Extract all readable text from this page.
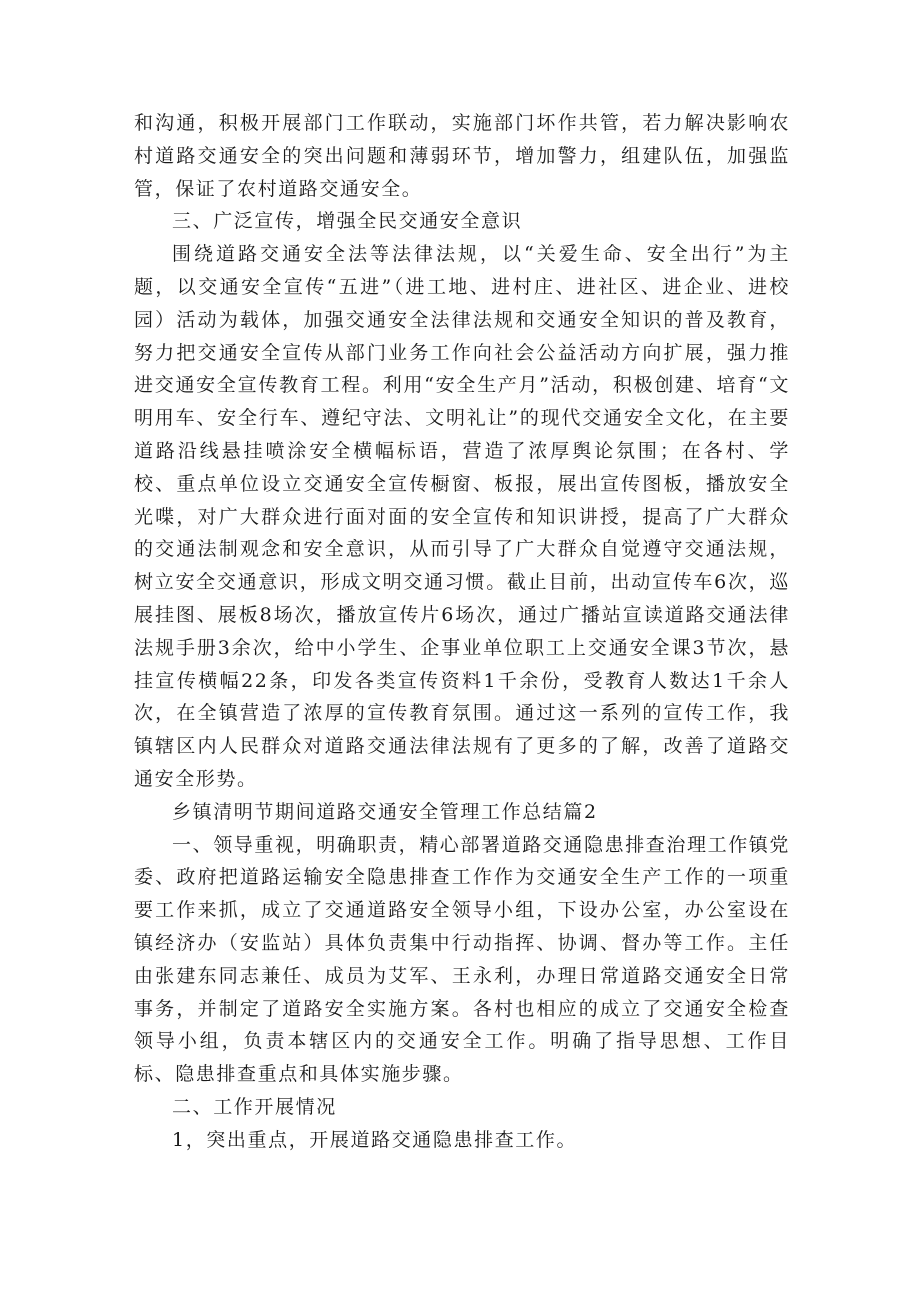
和沟通，积极开展部门工作联动，实施部门坏作共管，若力解决影响农村道路交通安全的突出问题和薄弱环节，增加警力，组建队伍，加强监管，保证了农村道路交通安全。

三、广泛宣传，增强全民交通安全意识

围绕道路交通安全法等法律法规，以“关爱生命、安全出行”为主题，以交通安全宣传“五进”（进工地、进村庄、进社区、进企业、进校园）活动为载体，加强交通安全法律法规和交通安全知识的普及教育，努力把交通安全宣传从部门业务工作向社会公益活动方向扩展，强力推进交通安全宣传教育工程。利用“安全生产月”活动，积极创建、培育“文明用车、安全行车、遵纪守法、文明礼让”的现代交通安全文化，在主要道路沿线悬挂喷涂安全横幅标语，营造了浓厚舆论氛围；在各村、学校、重点单位设立交通安全宣传橱窗、板报，展出宣传图板，播放安全光喋，对广大群众进行面对面的安全宣传和知识讲授，提高了广大群众的交通法制观念和安全意识，从而引导了广大群众自觉遵守交通法规，树立安全交通意识，形成文明交通习惯。截止目前，出动宣传车6次，巡展挂图、展板8场次，播放宣传片6场次，通过广播站宣读道路交通法律法规手册3余次，给中小学生、企事业单位职工上交通安全课3节次，悬挂宣传横幅22条，印发各类宣传资料1千余份，受教育人数达1千余人次，在全镇营造了浓厚的宣传教育氛围。通过这一系列的宣传工作，我镇辖区内人民群众对道路交通法律法规有了更多的了解，改善了道路交通安全形势。

乡镇清明节期间道路交通安全管理工作总结篇2

一、领导重视，明确职责，精心部署道路交通隐患排查治理工作镇党委、政府把道路运输安全隐患排查工作作为交通安全生产工作的一项重要工作来抓，成立了交通道路安全领导小组，下设办公室，办公室设在镇经济办（安监站）具体负责集中行动指挥、协调、督办等工作。主任由张建东同志兼任、成员为艾军、王永利，办理日常道路交通安全日常事务，并制定了道路安全实施方案。各村也相应的成立了交通安全检查领导小组，负责本辖区内的交通安全工作。明确了指导思想、工作目标、隐患排查重点和具体实施步骤。

二、工作开展情况

1，突出重点，开展道路交通隐患排查工作。
